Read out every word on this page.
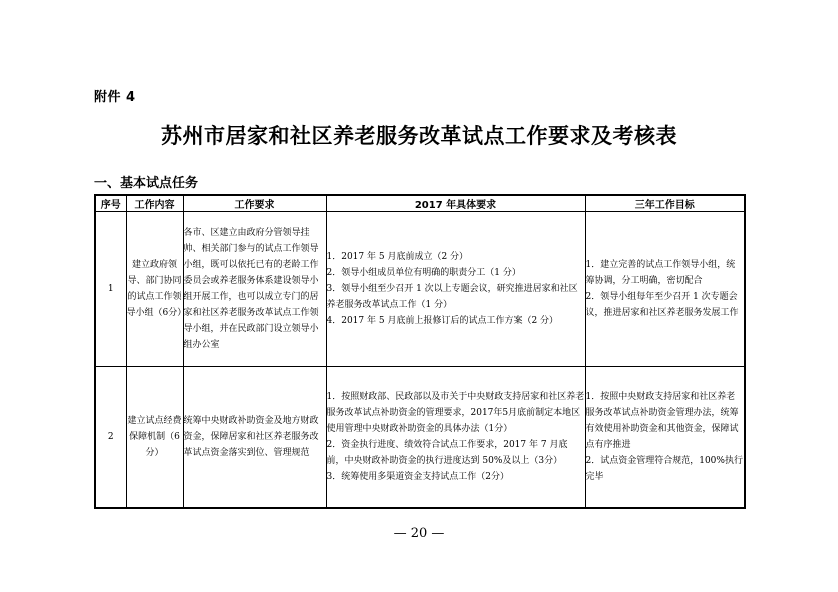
附件 4
苏州市居家和社区养老服务改革试点工作要求及考核表
一、基本试点任务
序号	工作内容	工作要求	2017 年具体要求	三年工作目标
1	建立政府领导、部门协同的试点工作领导小组（6分）	各市、区建立由政府分管领导挂帅、相关部门参与的试点工作领导小组，既可以依托已有的老龄工作委员会或养老服务体系建设领导小组开展工作，也可以成立专门的居家和社区养老服务改革试点工作领导小组，并在民政部门设立领导小组办公室	1．2017 年 5 月底前成立（2 分）
2．领导小组成员单位有明确的职责分工（1 分）
3．领导小组至少召开 1 次以上专题会议，研究推进居家和社区养老服务改革试点工作（1 分）
4．2017 年 5 月底前上报修订后的试点工作方案（2 分）	1．建立完善的试点工作领导小组，统筹协调，分工明确，密切配合
2．领导小组每年至少召开 1 次专题会议，推进居家和社区养老服务发展工作
2	建立试点经费保障机制（6分）	统筹中央财政补助资金及地方财政资金，保障居家和社区养老服务改革试点资金落实到位、管理规范	1．按照财政部、民政部以及市关于中央财政支持居家和社区养老服务改革试点补助资金的管理要求，2017年5月底前制定本地区使用管理中央财政补助资金的具体办法（1分）
2．资金执行进度、绩效符合试点工作要求，2017 年 7 月底前，中央财政补助资金的执行进度达到 50%及以上（3分）
3．统筹使用多渠道资金支持试点工作（2分）	1．按照中央财政支持居家和社区养老服务改革试点补助资金管理办法，统筹有效使用补助资金和其他资金，保障试点有序推进
2．试点资金管理符合规范，100%执行完毕
— 20 —
